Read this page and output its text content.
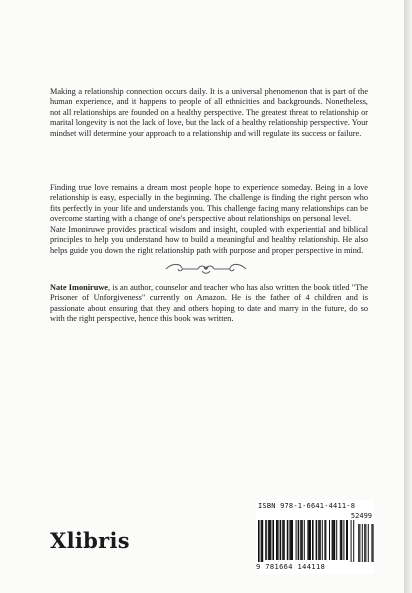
Making a relationship connection occurs daily. It is a universal phenomenon that is part of the human experience, and it happens to people of all ethnicities and backgrounds. Nonetheless, not all relationships are founded on a healthy perspective. The greatest threat to relationship or marital longevity is not the lack of love, but the lack of a healthy relationship perspective. Your mindset will determine your approach to a relationship and will regulate its success or failure.

Finding true love remains a dream most people hope to experience someday. Being in a love relationship is easy, especially in the beginning. The challenge is finding the right person who fits perfectly in your life and understands you. This challenge facing many relationships can be overcome starting with a change of one's perspective about relationships on personal level.

Nate Imoniruwe provides practical wisdom and insight, coupled with experiential and biblical principles to help you understand how to build a meaningful and healthy relationship. He also helps guide you down the right relationship path with purpose and proper perspective in mind.

Nate Imoniruwe, is an author, counselor and teacher who has also written the book titled "The Prisoner of Unforgiveness" currently on Amazon. He is the father of 4 children and is passionate about ensuring that they and others hoping to date and marry in the future, do so with the right perspective, hence this book was written.

Xlibris
ISBN 978-1-6641-4411-8
52499
9 781664 144118
